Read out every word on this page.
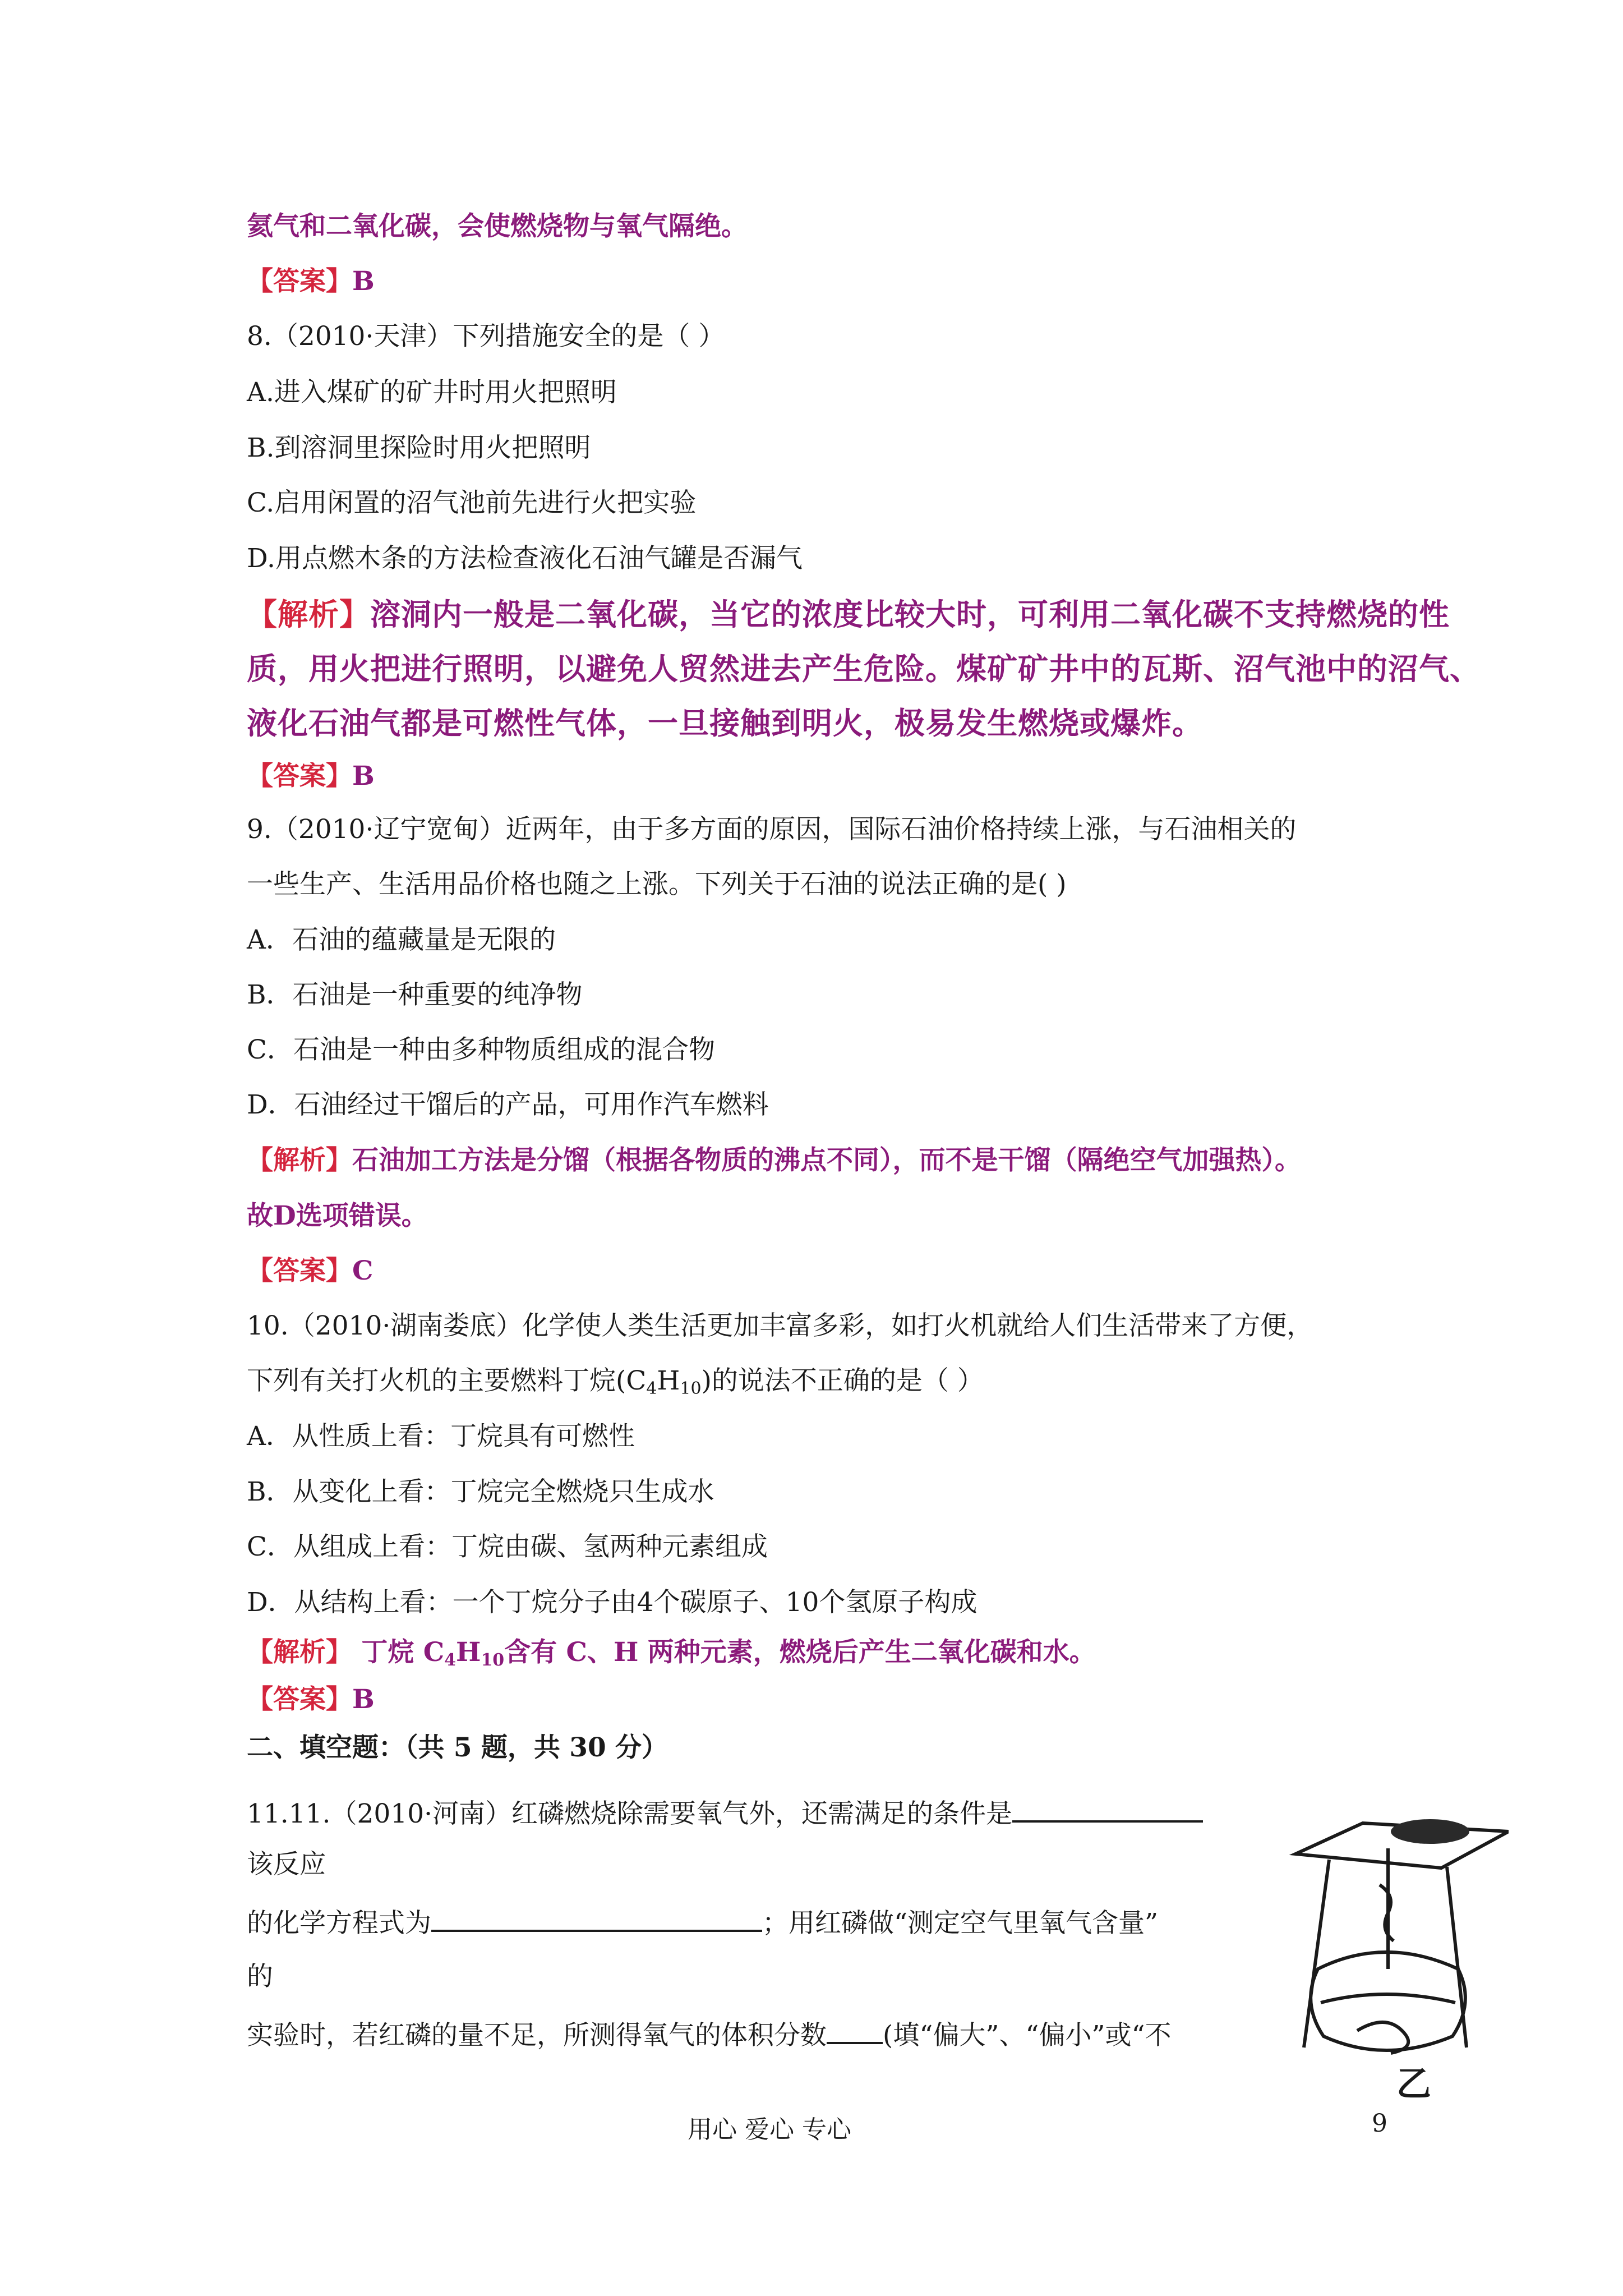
氦气和二氧化碳，会使燃烧物与氧气隔绝。
【答案】B
8.（2010·天津）下列措施安全的是（ ）
A.进入煤矿的矿井时用火把照明
B.到溶洞里探险时用火把照明
C.启用闲置的沼气池前先进行火把实验
D.用点燃木条的方法检查液化石油气罐是否漏气
【解析】溶洞内一般是二氧化碳，当它的浓度比较大时，可利用二氧化碳不支持燃烧的性
质，用火把进行照明，以避免人贸然进去产生危险。煤矿矿井中的瓦斯、沼气池中的沼气、
液化石油气都是可燃性气体，一旦接触到明火，极易发生燃烧或爆炸。
【答案】B
9.（2010·辽宁宽甸）近两年，由于多方面的原因，国际石油价格持续上涨，与石油相关的
一些生产、生活用品价格也随之上涨。下列关于石油的说法正确的是( )
A．石油的蕴藏量是无限的
B．石油是一种重要的纯净物
C．石油是一种由多种物质组成的混合物
D．石油经过干馏后的产品，可用作汽车燃料
【解析】石油加工方法是分馏（根据各物质的沸点不同），而不是干馏（隔绝空气加强热）。
故D选项错误。
【答案】C
10.（2010·湖南娄底）化学使人类生活更加丰富多彩，如打火机就给人们生活带来了方便，
下列有关打火机的主要燃料丁烷$(C_4H_{10})$的说法不正确的是（ ）
A．从性质上看：丁烷具有可燃性
B．从变化上看：丁烷完全燃烧只生成水
C．从组成上看：丁烷由碳、氢两种元素组成
D．从结构上看：一个丁烷分子由4个碳原子、10个氢原子构成
【解析】 丁烷 $C_4H_{10}$含有 C、H 两种元素，燃烧后产生二氧化碳和水。
【答案】B
二、填空题：（共 5 题，共 30 分）
11.11.（2010·河南）红磷燃烧除需要氧气外，还需满足的条件是
该反应
的化学方程式为	；用红磷做“测定空气里氧气含量”
的
实验时，若红磷的量不足，所测得氧气的体积分数 (填“偏大”、“偏小”或“不
乙
用心 爱心 专心	9
